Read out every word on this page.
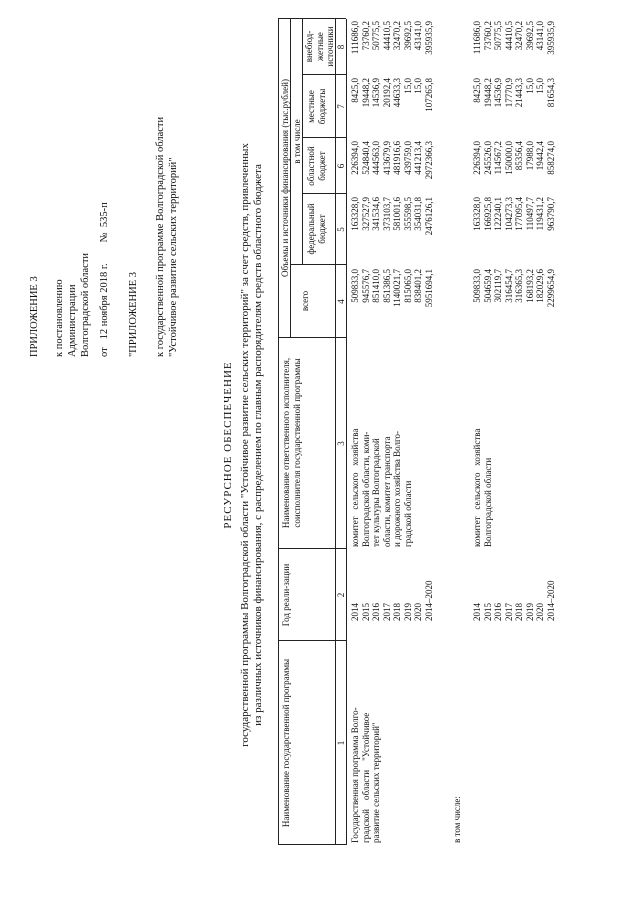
ПРИЛОЖЕНИЕ 3 к постановлению Администрации Волгоградской области от   12 ноября 2018 г.        №  535-п "ПРИЛОЖЕНИЕ 3 к государственной программе Волгоградской области "Устойчивое развитие сельских территорий"
РЕСУРСНОЕ ОБЕСПЕЧЕНИЕ государственной программы Волгоградской области "Устойчивое развитие сельских территорий" за счет средств, привлеченных из различных источников финансирования, с распределением по главным распорядителям средств областного бюджета
Наименование государственной программы
Год реали-зации
Наименование ответственного исполнителя, соисполнителя государственной программы
Объемы и источники финансирования (тыс.рублей)
всего
в том числе
федеральный бюджет
областной бюджет
местные бюджеты
внебюд-жетные источники
1
2
3
4
5
6
7
8
Государственная программа Волго-
градской    области    "Устойчивое
развитие сельских территорий"
2014
2015
2016
2017
2018
2019
2020
2014–2020
комитет   сельского   хозяйства
Волгоградской области, коми-
тет культуры Волгоградской
области, комитет транспорта
и дорожного хозяйства Волго-
градской области
509833,0
945576,7
851410,0
851386,5
1140021,7
815065,0
838401,2
5951694,1
163328,0
327527,9
341534,6
373103,7
581001,6
355598,5
354031,8
2476126,1
226394,0
524840,4
444563,0
413679,9
481916,6
439759,0
441213,4
2972366,3
8425,0
19448,2
14536,9
20192,4
44633,3
15,0
15,0
107265,8
111686,0
73760,2
50775,5
44410,5
32470,2
39692,5
43141,0
395935,9
в том числе:
2014
2015
2016
2017
2018
2019
2020
2014–2020
комитет   сельского   хозяйства
Волгоградской области
509833,0
504659,4
302119,7
316454,7
316365,3
168193,2
182029,6
2299654,9
163328,0
166925,8
122240,1
104273,3
177095,4
110497,7
119431,2
963790,7
226394,0
245526,0
114567,2
150000,0
85356,4
17988,0
19442,4
858274,0
8425,0
19448,2
14536,9
17770,9
21443,3
15,0
15,0
81654,3
111686,0
73760,2
50775,5
44410,5
32470,2
39692,5
43141,0
395935,9
